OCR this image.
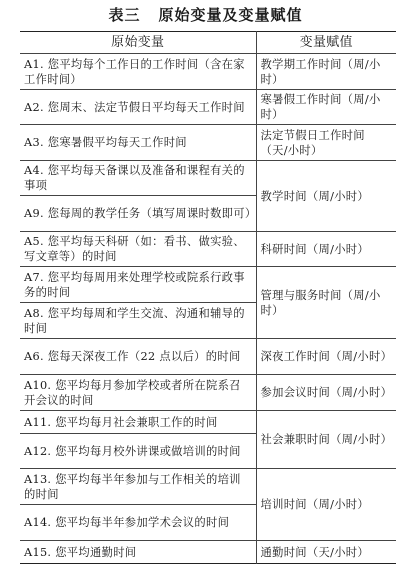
表三 原始变量及变量赋值
原始变量	变量赋值
A1. 您平均每个工作日的工作时间（含在家工作时间）	教学期工作时间（周/小时）
A2. 您周末、法定节假日平均每天工作时间	寒暑假工作时间（周/小时）
A3. 您寒暑假平均每天工作时间	法定节假日工作时间（天/小时）
A4. 您平均每天备课以及准备和课程有关的事项	教学时间（周/小时）
A9. 您每周的教学任务（填写周课时数即可）	
A5. 您平均每天科研（如：看书、做实验、写文章等）的时间	科研时间（周/小时）
A7. 您平均每周用来处理学校或院系行政事务的时间	管理与服务时间（周/小时）
A8. 您平均每周和学生交流、沟通和辅导的时间	
A6. 您每天深夜工作（22 点以后）的时间	深夜工作时间（周/小时）
A10. 您平均每月参加学校或者所在院系召开会议的时间	参加会议时间（周/小时）
A11. 您平均每月社会兼职工作的时间	社会兼职时间（周/小时）
A12. 您平均每月校外讲课或做培训的时间	
A13. 您平均每半年参加与工作相关的培训的时间	培训时间（周/小时）
A14. 您平均每半年参加学术会议的时间	
A15. 您平均通勤时间	通勤时间（天/小时）
